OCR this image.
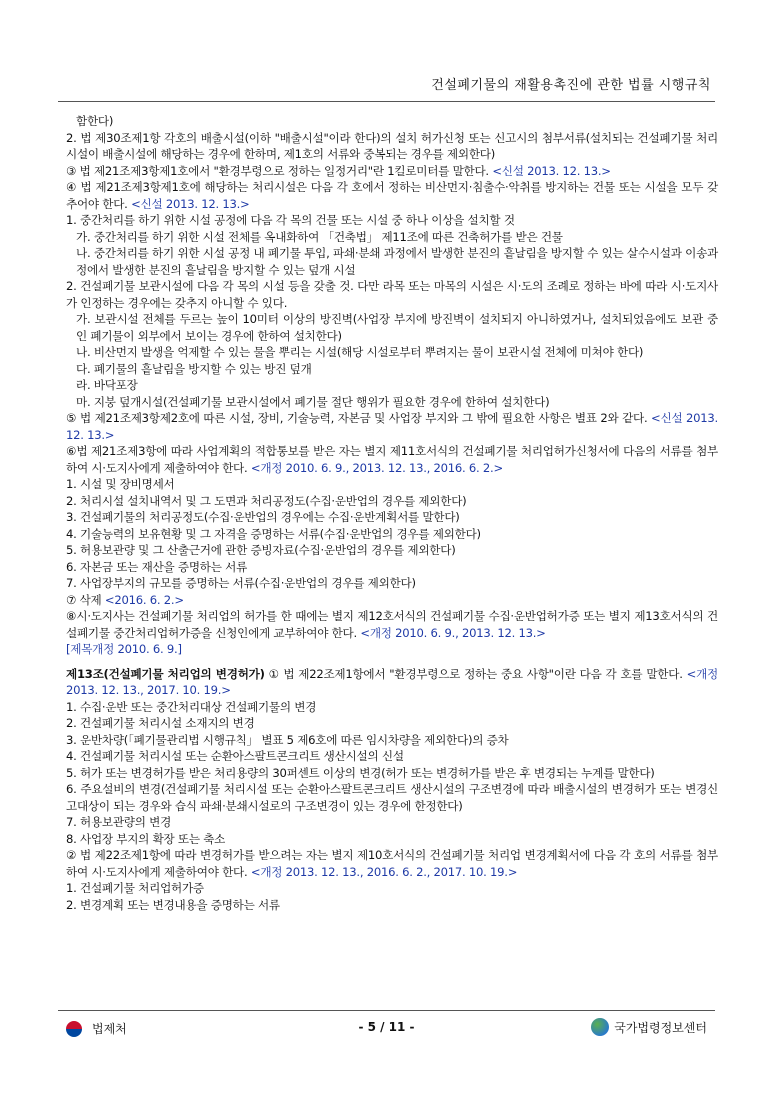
건설폐기물의 재활용촉진에 관한 법률 시행규칙

함한다)

2. 법 제30조제1항 각호의 배출시설(이하 "배출시설"이라 한다)의 설치 허가신청 또는 신고시의 첨부서류(설치되는 건설폐기물 처리시설이 배출시설에 해당하는 경우에 한하며, 제1호의 서류와 중복되는 경우를 제외한다)

③ 법 제21조제3항제1호에서 "환경부령으로 정하는 일정거리"란 1킬로미터를 말한다. <신설 2013. 12. 13.>

④ 법 제21조제3항제1호에 해당하는 처리시설은 다음 각 호에서 정하는 비산먼지·침출수·악취를 방지하는 건물 또는 시설을 모두 갖추어야 한다. <신설 2013. 12. 13.>

1. 중간처리를 하기 위한 시설 공정에 다음 각 목의 건물 또는 시설 중 하나 이상을 설치할 것

가. 중간처리를 하기 위한 시설 전체를 옥내화하여 「건축법」 제11조에 따른 건축허가를 받은 건물

나. 중간처리를 하기 위한 시설 공정 내 폐기물 투입, 파쇄·분쇄 과정에서 발생한 분진의 흩날림을 방지할 수 있는 살수시설과 이송과정에서 발생한 분진의 흩날림을 방지할 수 있는 덮개 시설

2. 건설폐기물 보관시설에 다음 각 목의 시설 등을 갖출 것. 다만 라목 또는 마목의 시설은 시·도의 조례로 정하는 바에 따라 시·도지사가 인정하는 경우에는 갖추지 아니할 수 있다.

가. 보관시설 전체를 두르는 높이 10미터 이상의 방진벽(사업장 부지에 방진벽이 설치되지 아니하였거나, 설치되었음에도 보관 중인 폐기물이 외부에서 보이는 경우에 한하여 설치한다)

나. 비산먼지 발생을 억제할 수 있는 물을 뿌리는 시설(해당 시설로부터 뿌려지는 물이 보관시설 전체에 미쳐야 한다)

다. 폐기물의 흩날림을 방지할 수 있는 방진 덮개

라. 바닥포장

마. 지붕 덮개시설(건설폐기물 보관시설에서 폐기물 절단 행위가 필요한 경우에 한하여 설치한다)

⑤ 법 제21조제3항제2호에 따른 시설, 장비, 기술능력, 자본금 및 사업장 부지와 그 밖에 필요한 사항은 별표 2와 같다. <신설 2013. 12. 13.>

⑥법 제21조제3항에 따라 사업계획의 적합통보를 받은 자는 별지 제11호서식의 건설폐기물 처리업허가신청서에 다음의 서류를 첨부하여 시·도지사에게 제출하여야 한다. <개정 2010. 6. 9., 2013. 12. 13., 2016. 6. 2.>

1. 시설 및 장비명세서

2. 처리시설 설치내역서 및 그 도면과 처리공정도(수집·운반업의 경우를 제외한다)

3. 건설폐기물의 처리공정도(수집·운반업의 경우에는 수집·운반계획서를 말한다)

4. 기술능력의 보유현황 및 그 자격을 증명하는 서류(수집·운반업의 경우를 제외한다)

5. 허용보관량 및 그 산출근거에 관한 증빙자료(수집·운반업의 경우를 제외한다)

6. 자본금 또는 재산을 증명하는 서류

7. 사업장부지의 규모를 증명하는 서류(수집·운반업의 경우를 제외한다)

⑦ 삭제 <2016. 6. 2.>

⑧시·도지사는 건설폐기물 처리업의 허가를 한 때에는 별지 제12호서식의 건설폐기물 수집·운반업허가증 또는 별지 제13호서식의 건설폐기물 중간처리업허가증을 신청인에게 교부하여야 한다. <개정 2010. 6. 9., 2013. 12. 13.>

[제목개정 2010. 6. 9.]

제13조(건설폐기물 처리업의 변경허가) ① 법 제22조제1항에서 "환경부령으로 정하는 중요 사항"이란 다음 각 호를 말한다. <개정 2013. 12. 13., 2017. 10. 19.>

1. 수집·운반 또는 중간처리대상 건설폐기물의 변경

2. 건설폐기물 처리시설 소재지의 변경

3. 운반차량(「폐기물관리법 시행규칙」 별표 5 제6호에 따른 임시차량을 제외한다)의 증차

4. 건설폐기물 처리시설 또는 순환아스팔트콘크리트 생산시설의 신설

5. 허가 또는 변경허가를 받은 처리용량의 30퍼센트 이상의 변경(허가 또는 변경허가를 받은 후 변경되는 누계를 말한다)

6. 주요설비의 변경(건설폐기물 처리시설 또는 순환아스팔트콘크리트 생산시설의 구조변경에 따라 배출시설의 변경허가 또는 변경신고대상이 되는 경우와 습식 파쇄·분쇄시설로의 구조변경이 있는 경우에 한정한다)

7. 허용보관량의 변경

8. 사업장 부지의 확장 또는 축소

② 법 제22조제1항에 따라 변경허가를 받으려는 자는 별지 제10호서식의 건설폐기물 처리업 변경계획서에 다음 각 호의 서류를 첨부하여 시·도지사에게 제출하여야 한다. <개정 2013. 12. 13., 2016. 6. 2., 2017. 10. 19.>

1. 건설폐기물 처리업허가증

2. 변경계획 또는 변경내용을 증명하는 서류

법제처	- 5 / 11 -	국가법령정보센터
